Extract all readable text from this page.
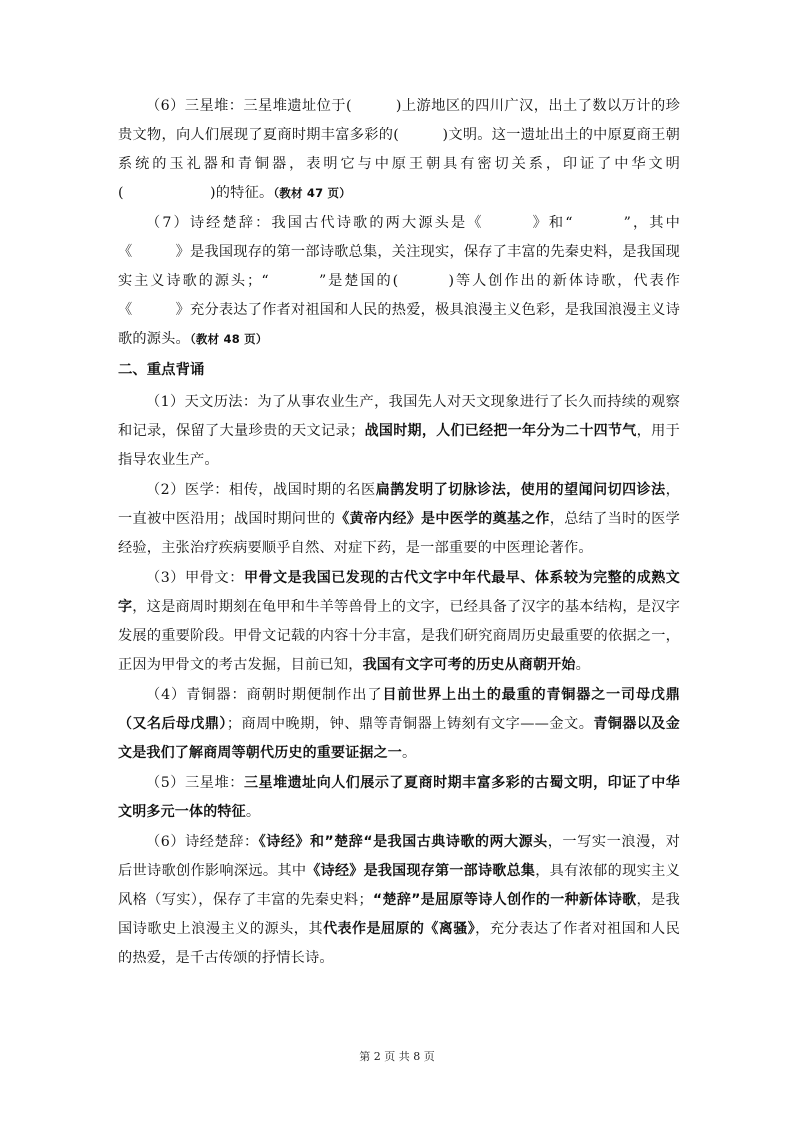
（6）三星堆：三星堆遗址位于(　　　)上游地区的四川广汉，出土了数以万计的珍贵文物，向人们展现了夏商时期丰富多彩的(　　　)文明。这一遗址出土的中原夏商王朝系统的玉礼器和青铜器，表明它与中原王朝具有密切关系，印证了中华文明(　　　　　　)的特征。（教材 47 页）

（7）诗经楚辞：我国古代诗歌的两大源头是《　　　》和“　　　”，其中《　　　》是我国现存的第一部诗歌总集，关注现实，保存了丰富的先秦史料，是我国现实主义诗歌的源头；“　　　”是楚国的(　　　)等人创作出的新体诗歌，代表作《　　　》充分表达了作者对祖国和人民的热爱，极具浪漫主义色彩，是我国浪漫主义诗歌的源头。（教材 48 页）

二、重点背诵

（1）天文历法：为了从事农业生产，我国先人对天文现象进行了长久而持续的观察和记录，保留了大量珍贵的天文记录；战国时期，人们已经把一年分为二十四节气，用于指导农业生产。

（2）医学：相传，战国时期的名医扁鹊发明了切脉诊法，使用的望闻问切四诊法，一直被中医沿用；战国时期问世的《黄帝内经》是中医学的奠基之作，总结了当时的医学经验，主张治疗疾病要顺乎自然、对症下药，是一部重要的中医理论著作。

（3）甲骨文：甲骨文是我国已发现的古代文字中年代最早、体系较为完整的成熟文字，这是商周时期刻在龟甲和牛羊等兽骨上的文字，已经具备了汉字的基本结构，是汉字发展的重要阶段。甲骨文记载的内容十分丰富，是我们研究商周历史最重要的依据之一，正因为甲骨文的考古发掘，目前已知，我国有文字可考的历史从商朝开始。

（4）青铜器：商朝时期便制作出了目前世界上出土的最重的青铜器之一司母戊鼎（又名后母戊鼎）；商周中晚期，钟、鼎等青铜器上铸刻有文字——金文。青铜器以及金文是我们了解商周等朝代历史的重要证据之一。

（5）三星堆：三星堆遗址向人们展示了夏商时期丰富多彩的古蜀文明，印证了中华文明多元一体的特征。

（6）诗经楚辞：《诗经》和”楚辞“是我国古典诗歌的两大源头，一写实一浪漫，对后世诗歌创作影响深远。其中《诗经》是我国现存第一部诗歌总集，具有浓郁的现实主义风格（写实），保存了丰富的先秦史料；“楚辞”是屈原等诗人创作的一种新体诗歌，是我国诗歌史上浪漫主义的源头，其代表作是屈原的《离骚》，充分表达了作者对祖国和人民的热爱，是千古传颂的抒情长诗。

第 2 页 共 8 页
